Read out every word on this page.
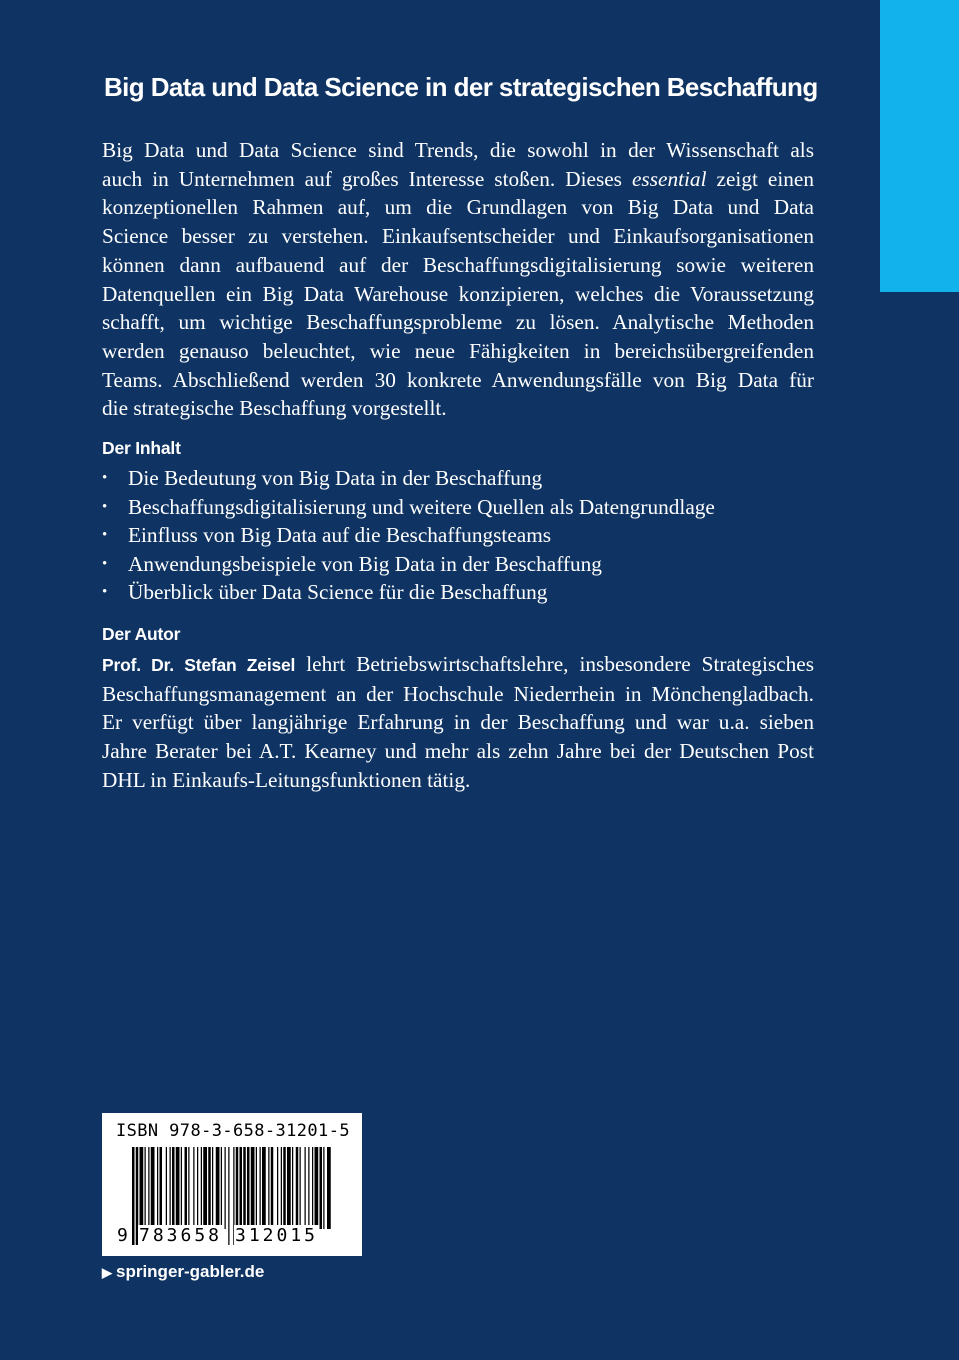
Big Data und Data Science in der strategischen Beschaffung
Big Data und Data Science sind Trends, die sowohl in der Wissenschaft als
auch in Unternehmen auf großes Interesse stoßen. Dieses essential zeigt einen
konzeptionellen Rahmen auf, um die Grundlagen von Big Data und Data
Science besser zu verstehen. Einkaufsentscheider und Einkaufsorganisationen
können dann aufbauend auf der Beschaffungsdigitalisierung sowie weiteren
Datenquellen ein Big Data Warehouse konzipieren, welches die Voraussetzung
schafft, um wichtige Beschaffungsprobleme zu lösen. Analytische Methoden
werden genauso beleuchtet, wie neue Fähigkeiten in bereichsübergreifenden
Teams. Abschließend werden 30 konkrete Anwendungsfälle von Big Data für
die strategische Beschaffung vorgestellt.
Der Inhalt
• Die Bedeutung von Big Data in der Beschaffung
• Beschaffungsdigitalisierung und weitere Quellen als Datengrundlage
• Einfluss von Big Data auf die Beschaffungsteams
• Anwendungsbeispiele von Big Data in der Beschaffung
• Überblick über Data Science für die Beschaffung
Der Autor
Prof. Dr. Stefan Zeisel lehrt Betriebswirtschaftslehre, insbesondere Strategisches
Beschaffungsmanagement an der Hochschule Niederrhein in Mönchengladbach.
Er verfügt über langjährige Erfahrung in der Beschaffung und war u.a. sieben
Jahre Berater bei A.T. Kearney und mehr als zehn Jahre bei der Deutschen Post
DHL in Einkaufs-Leitungsfunktionen tätig.
ISBN 978-3-658-31201-5
9 783658 312015
▶ springer-gabler.de
